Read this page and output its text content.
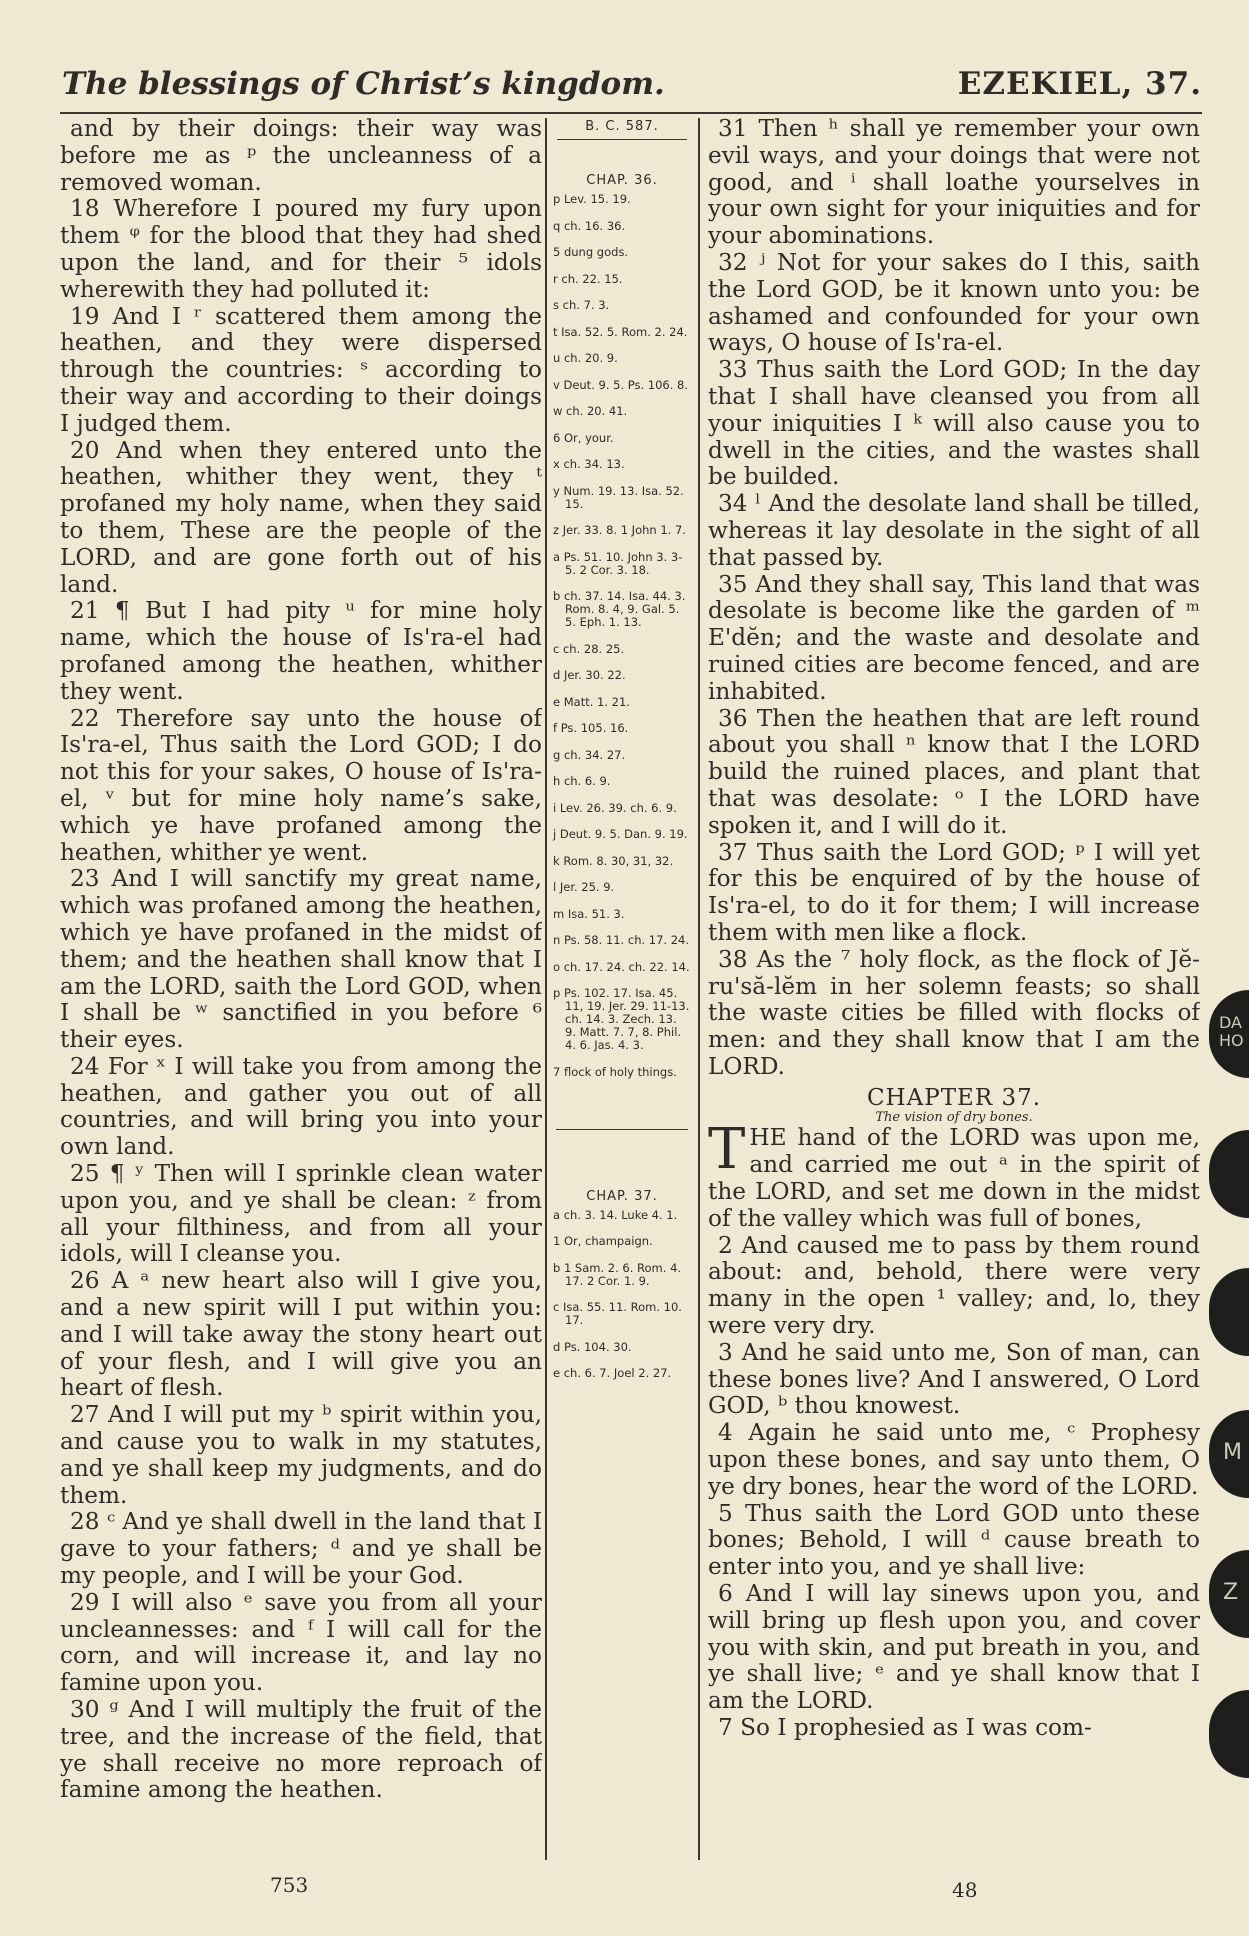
The blessings of Christ’s kingdom.	EZEKIEL, 37.

and by their doings: their way was before me as ᵖ the uncleanness of a removed woman.

18 Wherefore I poured my fury upon them ᵠ for the blood that they had shed upon the land, and for their ⁵ idols wherewith they had polluted it:

19 And I ʳ scattered them among the heathen, and they were dispersed through the countries: ˢ according to their way and according to their doings I judged them.

20 And when they entered unto the heathen, whither they went, they ᵗ profaned my holy name, when they said to them, These are the people of the LORD, and are gone forth out of his land.

21 ¶ But I had pity ᵘ for mine holy name, which the house of Is'ra-el had profaned among the heathen, whither they went.

22 Therefore say unto the house of Is'ra-el, Thus saith the Lord GOD; I do not this for your sakes, O house of Is'ra-el, ᵛ but for mine holy name’s sake, which ye have profaned among the heathen, whither ye went.

23 And I will sanctify my great name, which was profaned among the heathen, which ye have profaned in the midst of them; and the heathen shall know that I am the LORD, saith the Lord GOD, when I shall be ʷ sanctified in you before ⁶ their eyes.

24 For ˣ I will take you from among the heathen, and gather you out of all countries, and will bring you into your own land.

25 ¶ ʸ Then will I sprinkle clean water upon you, and ye shall be clean: ᶻ from all your filthiness, and from all your idols, will I cleanse you.

26 A ᵃ new heart also will I give you, and a new spirit will I put within you: and I will take away the stony heart out of your flesh, and I will give you an heart of flesh.

27 And I will put my ᵇ spirit within you, and cause you to walk in my statutes, and ye shall keep my judgments, and do them.

28 ᶜ And ye shall dwell in the land that I gave to your fathers; ᵈ and ye shall be my people, and I will be your God.

29 I will also ᵉ save you from all your uncleannesses: and ᶠ I will call for the corn, and will increase it, and lay no famine upon you.

30 ᵍ And I will multiply the fruit of the tree, and the increase of the field, that ye shall receive no more reproach of famine among the heathen.

B. C. 587.
CHAP. 36.
p Lev. 15. 19.
q ch. 16. 36.
5 dung gods.
r ch. 22. 15.
s ch. 7. 3.
t Isa. 52. 5. Rom. 2. 24.
u ch. 20. 9.
v Deut. 9. 5. Ps. 106. 8.
w ch. 20. 41.
6 Or, your.
x ch. 34. 13.
y Num. 19. 13. Isa. 52. 15.
z Jer. 33. 8. 1 John 1. 7.
a Ps. 51. 10. John 3. 3-5. 2 Cor. 3. 18.
b ch. 37. 14. Isa. 44. 3. Rom. 8. 4, 9. Gal. 5. 5. Eph. 1. 13.
c ch. 28. 25.
d Jer. 30. 22.
e Matt. 1. 21.
f Ps. 105. 16.
g ch. 34. 27.
h ch. 6. 9.
i Lev. 26. 39. ch. 6. 9.
j Deut. 9. 5. Dan. 9. 19.
k Rom. 8. 30, 31, 32.
l Jer. 25. 9.
m Isa. 51. 3.
n Ps. 58. 11. ch. 17. 24.
o ch. 17. 24. ch. 22. 14.
p Ps. 102. 17. Isa. 45. 11, 19. Jer. 29. 11-13. ch. 14. 3. Zech. 13. 9. Matt. 7. 7, 8. Phil. 4. 6. Jas. 4. 3.
7 flock of holy things.
CHAP. 37.
a ch. 3. 14. Luke 4. 1.
1 Or, champaign.
b 1 Sam. 2. 6. Rom. 4. 17. 2 Cor. 1. 9.
c Isa. 55. 11. Rom. 10. 17.
d Ps. 104. 30.
e ch. 6. 7. Joel 2. 27.

31 Then ʰ shall ye remember your own evil ways, and your doings that were not good, and ⁱ shall loathe yourselves in your own sight for your iniquities and for your abominations.

32 ʲ Not for your sakes do I this, saith the Lord GOD, be it known unto you: be ashamed and confounded for your own ways, O house of Is'ra-el.

33 Thus saith the Lord GOD; In the day that I shall have cleansed you from all your iniquities I ᵏ will also cause you to dwell in the cities, and the wastes shall be builded.

34 ˡ And the desolate land shall be tilled, whereas it lay desolate in the sight of all that passed by.

35 And they shall say, This land that was desolate is become like the garden of ᵐ E'dĕn; and the waste and desolate and ruined cities are become fenced, and are inhabited.

36 Then the heathen that are left round about you shall ⁿ know that I the LORD build the ruined places, and plant that that was desolate: ᵒ I the LORD have spoken it, and I will do it.

37 Thus saith the Lord GOD; ᵖ I will yet for this be enquired of by the house of Is'ra-el, to do it for them; I will increase them with men like a flock.

38 As the ⁷ holy flock, as the flock of Jĕ-ru'să-lĕm in her solemn feasts; so shall the waste cities be filled with flocks of men: and they shall know that I am the LORD.

CHAPTER 37.
The vision of dry bones.

THE hand of the LORD was upon me, and carried me out ᵃ in the spirit of the LORD, and set me down in the midst of the valley which was full of bones,

2 And caused me to pass by them round about: and, behold, there were very many in the open ¹ valley; and, lo, they were very dry.

3 And he said unto me, Son of man, can these bones live? And I answered, O Lord GOD, ᵇ thou knowest.

4 Again he said unto me, ᶜ Prophesy upon these bones, and say unto them, O ye dry bones, hear the word of the LORD.

5 Thus saith the Lord GOD unto these bones; Behold, I will ᵈ cause breath to enter into you, and ye shall live:

6 And I will lay sinews upon you, and will bring up flesh upon you, and cover you with skin, and put breath in you, and ye shall live; ᵉ and ye shall know that I am the LORD.

7 So I prophesied as I was com-

753	48
DA HO
M
Z
